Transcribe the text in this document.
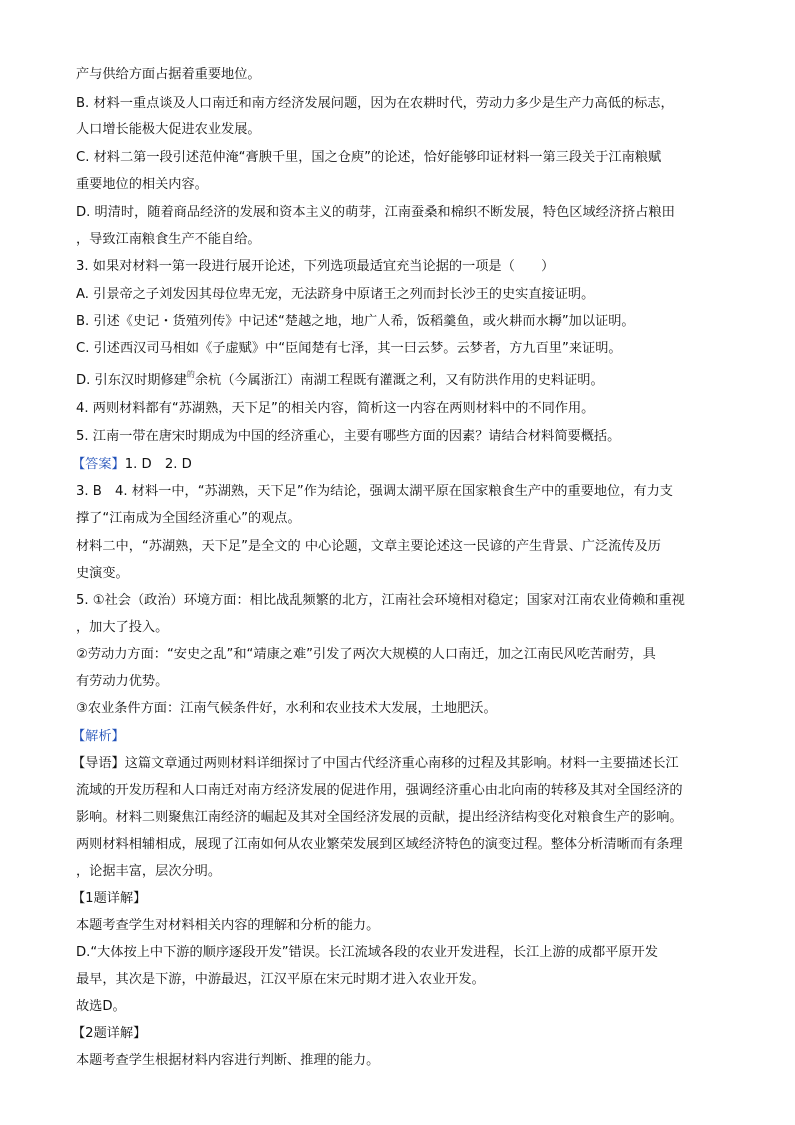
产与供给方面占据着重要地位。
B. 材料一重点谈及人口南迁和南方经济发展问题，因为在农耕时代，劳动力多少是生产力高低的标志，
人口增长能极大促进农业发展。
C. 材料二第一段引述范仲淹“膏腴千里，国之仓庾”的论述，恰好能够印证材料一第三段关于江南粮赋
重要地位的相关内容。
D. 明清时，随着商品经济的发展和资本主义的萌芽，江南蚕桑和棉织不断发展，特色区域经济挤占粮田
，导致江南粮食生产不能自给。
3. 如果对材料一第一段进行展开论述，下列选项最适宜充当论据的一项是（　　）
A. 引景帝之子刘发因其母位卑无宠，无法跻身中原诸王之列而封长沙王的史实直接证明。
B. 引述《史记・货殖列传》中记述“楚越之地，地广人希，饭稻羹鱼，或火耕而水耨”加以证明。
C. 引述西汉司马相如《子虚赋》中“臣闻楚有七泽，其一曰云梦。云梦者，方九百里”来证明。
D. 引东汉时期修建$^的$余杭（今属浙江）南湖工程既有灌溉之利，又有防洪作用的史料证明。
4. 两则材料都有“苏湖熟，天下足”的相关内容，简析这一内容在两则材料中的不同作用。
5. 江南一带在唐宋时期成为中国的经济重心，主要有哪些方面的因素？请结合材料简要概括。
【答案】1. D　2. D
3. B　4. 材料一中，“苏湖熟，天下足”作为结论，强调太湖平原在国家粮食生产中的重要地位，有力支
撑了“江南成为全国经济重心”的观点。
材料二中，“苏湖熟，天下足”是全文的 中心论题，文章主要论述这一民谚的产生背景、广泛流传及历
史演变。
5. ①社会（政治）环境方面：相比战乱频繁的北方，江南社会环境相对稳定；国家对江南农业倚赖和重视
，加大了投入。
②劳动力方面：“安史之乱”和“靖康之难”引发了两次大规模的人口南迁，加之江南民风吃苦耐劳，具
有劳动力优势。
③农业条件方面：江南气候条件好，水利和农业技术大发展，土地肥沃。
【解析】
【导语】这篇文章通过两则材料详细探讨了中国古代经济重心南移的过程及其影响。材料一主要描述长江
流域的开发历程和人口南迁对南方经济发展的促进作用，强调经济重心由北向南的转移及其对全国经济的
影响。材料二则聚焦江南经济的崛起及其对全国经济发展的贡献，提出经济结构变化对粮食生产的影响。
两则材料相辅相成，展现了江南如何从农业繁荣发展到区域经济特色的演变过程。整体分析清晰而有条理
，论据丰富，层次分明。
【1题详解】
本题考查学生对材料相关内容的理解和分析的能力。
D.“大体按上中下游的顺序逐段开发”错误。长江流域各段的农业开发进程，长江上游的成都平原开发
最早，其次是下游，中游最迟，江汉平原在宋元时期才进入农业开发。
故选D。
【2题详解】
本题考查学生根据材料内容进行判断、推理的能力。
